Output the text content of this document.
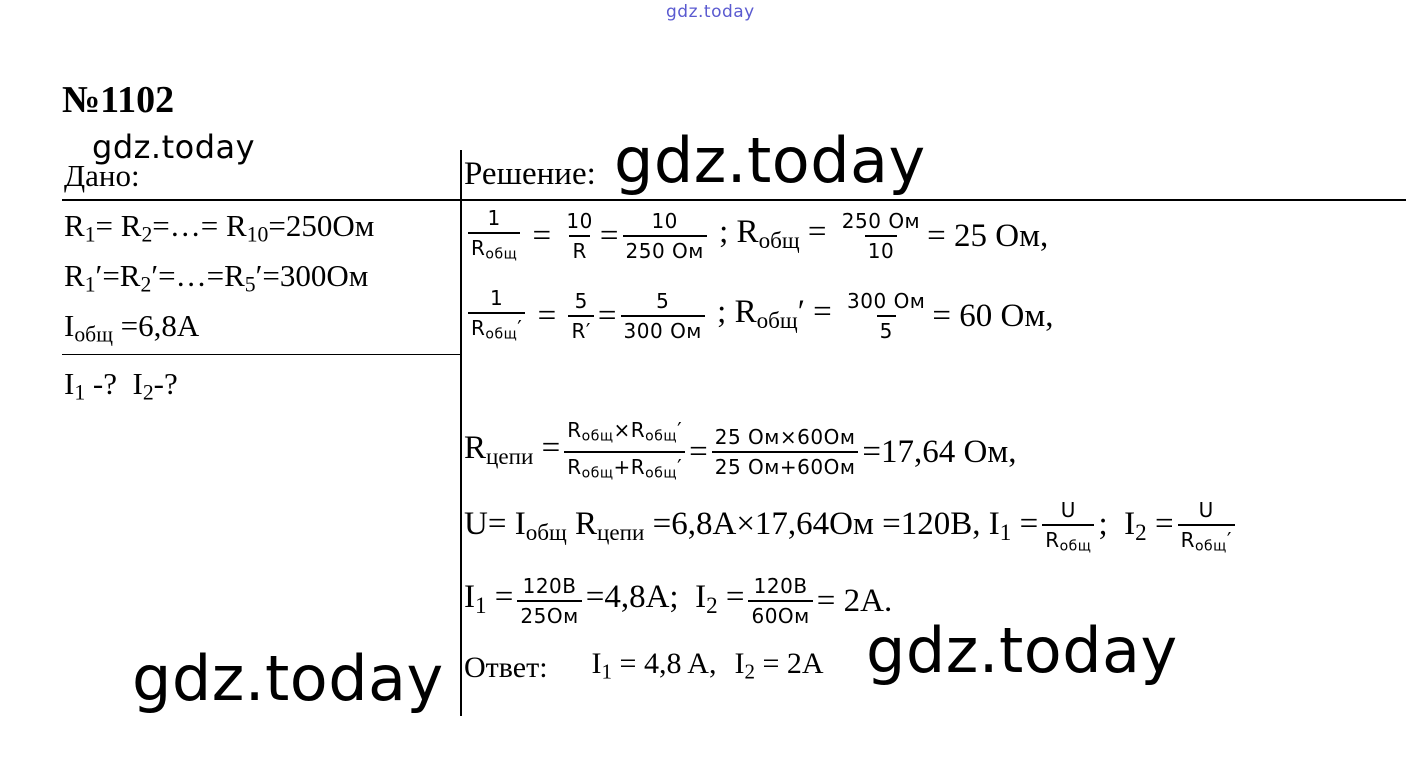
gdz.today
gdz.today	gdz.today
gdz.today	gdz.today
№1102
Дано:
$R_1=$ $R_2=\dots= R_{10}=250Ом$
$R_1'=R_2'=\dots=R_5'=300Ом$
$I_{общ} =6,8A$
$I_1$ -?  $I_2-$?
Решение:
$\frac{1}{R_{общ}} = \frac{10}{R} = \frac{10}{250 Ом}$ ; $R_{общ} = \frac{250 Ом}{10} = 25$ Ом,
$\frac{1}{R_{общ}'} = \frac{5}{R'} = \frac{5}{300 Ом}$ ; $R_{общ}' = \frac{300 Ом}{5} = 60$ Ом,
$R_{цепи} = \frac{R_{общ}\times R_{общ}'}{R_{общ}+R_{общ}'} = \frac{25 Ом\times 60Ом}{25 Ом+60Ом} =17,64$ Ом,
$U= I_{общ}$ $R_{цепи} =6,8A\times 17,64Ом =120B$, $I_1 = \frac{U}{R_{общ}}$ ;  $I_2 = \frac{U}{R_{общ}'}$
$I_1 = \frac{120B}{25Ом} =4,8A$;  $I_2 = \frac{120B}{60Ом} = 2A$.
Ответ: $I_1 = 4,8$ A, $I_2 = 2A$
